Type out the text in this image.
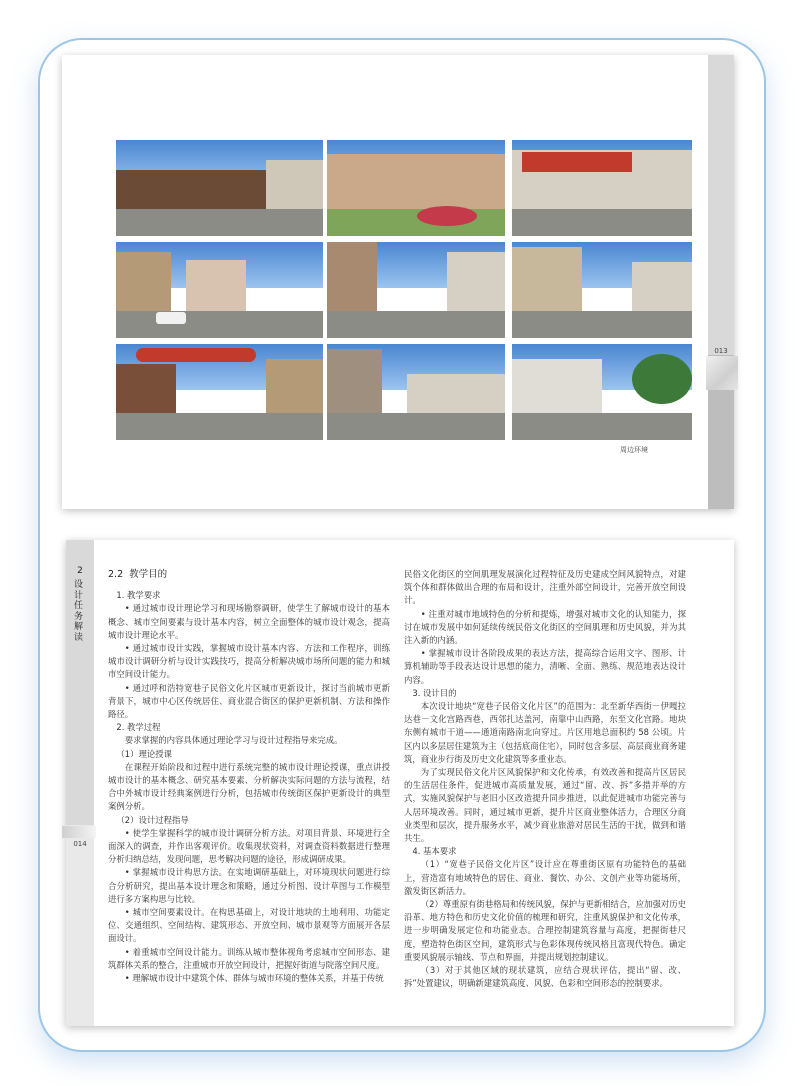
013
周边环境
2
设计任务解读
014

2.2 教学目的

1. 教学要求

• 通过城市设计理论学习和现场勘察调研，使学生了解城市设计的基本概念、城市空间要素与设计基本内容，树立全面整体的城市设计观念，提高城市设计理论水平。

• 通过城市设计实践，掌握城市设计基本内容、方法和工作程序，训练城市设计调研分析与设计实践技巧，提高分析解决城市场所问题的能力和城市空间设计能力。

• 通过呼和浩特宽巷子民俗文化片区城市更新设计，探讨当前城市更新背景下，城市中心区传统居住、商业混合街区的保护更新机制、方法和操作路径。

2. 教学过程

要求掌握的内容具体通过理论学习与设计过程指导来完成。

（1）理论授课

在课程开始阶段和过程中进行系统完整的城市设计理论授课，重点讲授城市设计的基本概念、研究基本要素、分析解决实际问题的方法与流程，结合中外城市设计经典案例进行分析，包括城市传统街区保护更新设计的典型案例分析。

（2）设计过程指导

• 使学生掌握科学的城市设计调研分析方法。对项目背景、环境进行全面深入的调查，并作出客观评价。收集现状资料，对调查资料数据进行整理分析归纳总结，发现问题，思考解决问题的途径，形成调研成果。

• 掌握城市设计构思方法。在实地调研基础上，对环境现状问题进行综合分析研究，提出基本设计理念和策略，通过分析图、设计草图与工作模型进行多方案构思与比较。

• 城市空间要素设计。在构思基础上，对设计地块的土地利用、功能定位、交通组织、空间结构、建筑形态、开放空间、城市景观等方面展开各层面设计。

• 着重城市空间设计能力。训练从城市整体视角考虑城市空间形态、建筑群体关系的整合，注重城市开放空间设计，把握好街道与院落空间尺度。

• 理解城市设计中建筑个体、群体与城市环境的整体关系，并基于传统

民俗文化街区的空间肌理发展演化过程特征及历史建成空间风貌特点，对建筑个体和群体做出合理的布局和设计，注重外部空间设计，完善开放空间设计。

• 注重对城市地域特色的分析和提炼，增强对城市文化的认知能力，探讨在城市发展中如何延续传统民俗文化街区的空间肌理和历史风貌，并为其注入新的内涵。

• 掌握城市设计各阶段成果的表达方法，提高综合运用文字、图形、计算机辅助等手段表达设计思想的能力，清晰、全面、熟练、规范地表达设计内容。

3. 设计目的

本次设计地块“宽巷子民俗文化片区”的范围为：北至新华西街－伊嘎拉达巷－文化宫路西巷，西邻扎达盖河，南靠中山西路，东至文化宫路。地块东侧有城市干道——通道南路南北向穿过。片区用地总面积约 58 公顷。片区内以多层居住建筑为主（包括底商住宅），同时包含多层、高层商业商务建筑，商业步行街及历史文化建筑等多重业态。

为了实现民俗文化片区风貌保护和文化传承，有效改善和提高片区居民的生活居住条件，促进城市高质量发展，通过“留、改、拆”多措并举的方式，实施风貌保护与老旧小区改造提升同步推进，以此促进城市功能完善与人居环境改善。同时，通过城市更新，提升片区商业整体活力，合理区分商业类型和层次，提升服务水平，减少商业旅游对居民生活的干扰，做到和谐共生。

4. 基本要求

（1）“宽巷子民俗文化片区”设计应在尊重街区原有功能特色的基础上，营造富有地域特色的居住、商业、餐饮、办公、文创产业等功能场所，激发街区新活力。

（2）尊重原有街巷格局和传统风貌，保护与更新相结合，应加强对历史沿革、地方特色和历史文化价值的梳理和研究，注重风貌保护和文化传承，进一步明确发展定位和功能业态。合理控制建筑容量与高度，把握街巷尺度，塑造特色街区空间，建筑形式与色彩体现传统风格且富现代特色。确定重要风貌展示轴线、节点和界面，并提出规划控制建议。

（3）对于其他区域的现状建筑，应结合现状评估，提出“留、改、拆”处置建议，明确新建建筑高度、风貌、色彩和空间形态的控制要求。
